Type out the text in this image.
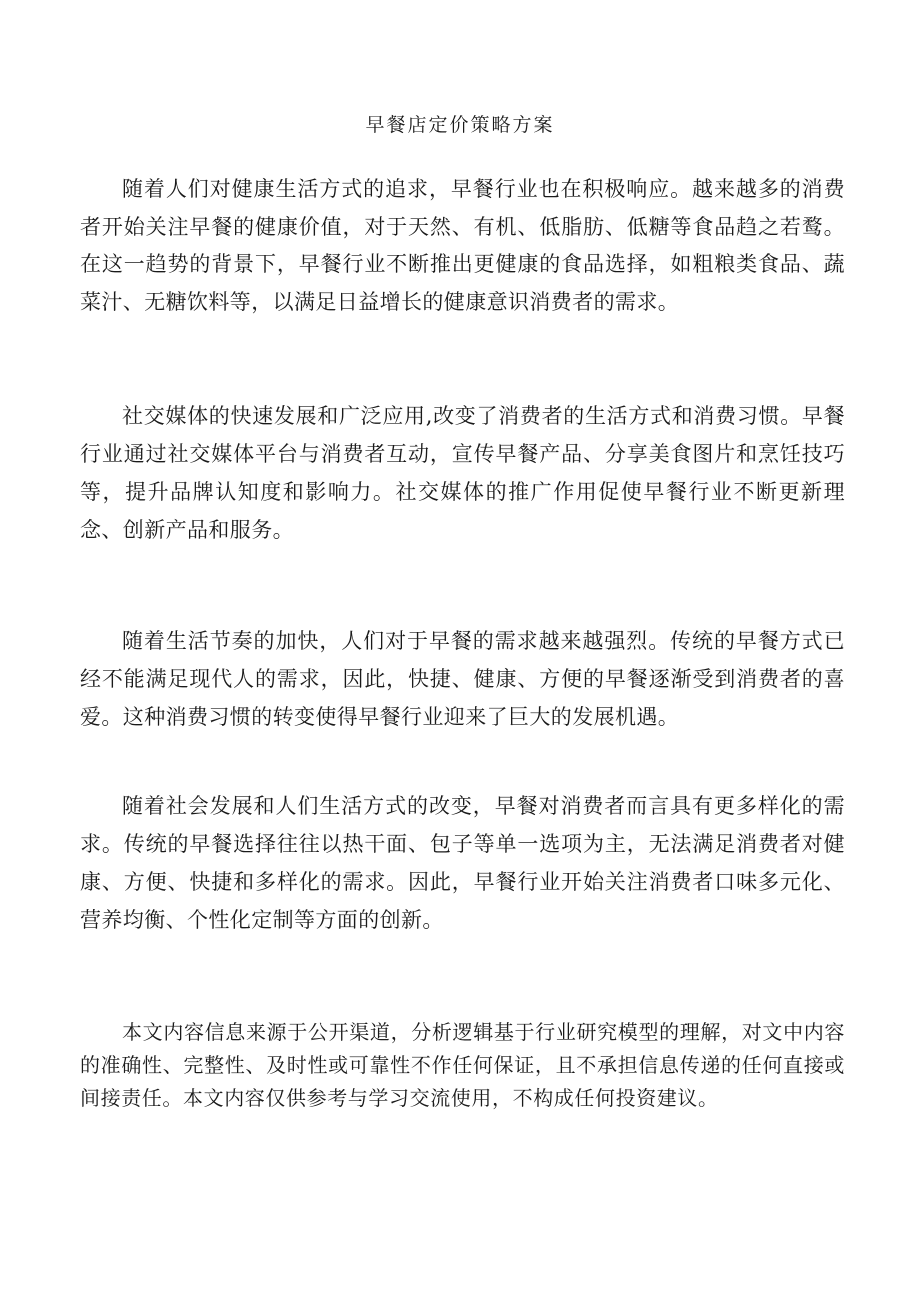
早餐店定价策略方案

随着人们对健康生活方式的追求，早餐行业也在积极响应。越来越多的消费者开始关注早餐的健康价值，对于天然、有机、低脂肪、低糖等食品趋之若鹜。在这一趋势的背景下，早餐行业不断推出更健康的食品选择，如粗粮类食品、蔬菜汁、无糖饮料等，以满足日益增长的健康意识消费者的需求。

社交媒体的快速发展和广泛应用,改变了消费者的生活方式和消费习惯。早餐行业通过社交媒体平台与消费者互动，宣传早餐产品、分享美食图片和烹饪技巧等，提升品牌认知度和影响力。社交媒体的推广作用促使早餐行业不断更新理念、创新产品和服务。

随着生活节奏的加快，人们对于早餐的需求越来越强烈。传统的早餐方式已经不能满足现代人的需求，因此，快捷、健康、方便的早餐逐渐受到消费者的喜爱。这种消费习惯的转变使得早餐行业迎来了巨大的发展机遇。

随着社会发展和人们生活方式的改变，早餐对消费者而言具有更多样化的需求。传统的早餐选择往往以热干面、包子等单一选项为主，无法满足消费者对健康、方便、快捷和多样化的需求。因此，早餐行业开始关注消费者口味多元化、营养均衡、个性化定制等方面的创新。

本文内容信息来源于公开渠道，分析逻辑基于行业研究模型的理解，对文中内容的准确性、完整性、及时性或可靠性不作任何保证，且不承担信息传递的任何直接或间接责任。本文内容仅供参考与学习交流使用，不构成任何投资建议。
